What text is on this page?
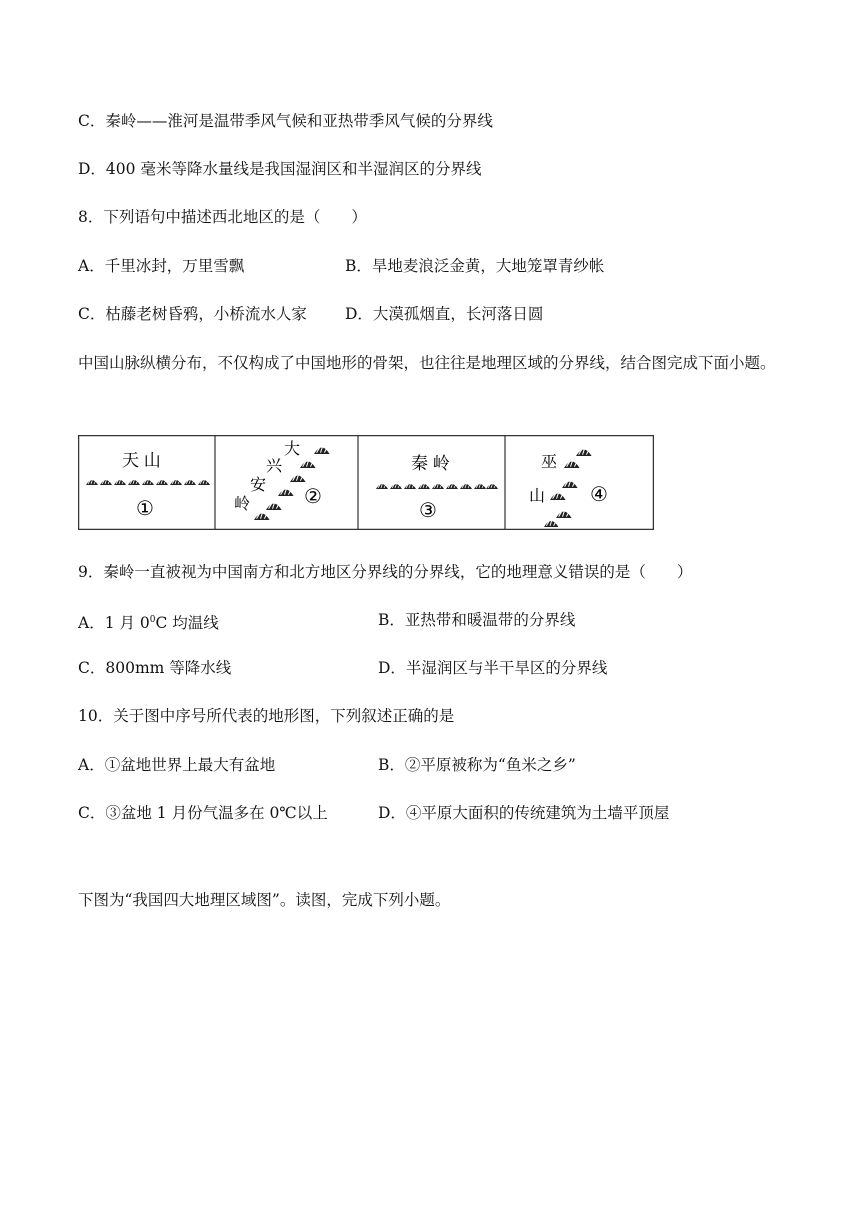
C．秦岭——淮河是温带季风气候和亚热带季风气候的分界线
D．400 毫米等降水量线是我国湿润区和半湿润区的分界线
8．下列语句中描述西北地区的是（　　）
A．千里冰封，万里雪飘	B．旱地麦浪泛金黄，大地笼罩青纱帐
C．枯藤老树昏鸦，小桥流水人家 D．大漠孤烟直，长河落日圆
中国山脉纵横分布，不仅构成了中国地形的骨架，也往往是地理区域的分界线，结合图完成下面小题。
天 山
①
大
兴
安
岭	②
秦 岭
③
巫
山 ④
9．秦岭一直被视为中国南方和北方地区分界线的分界线，它的地理意义错误的是（　　）
A．1 月 $0^0C$ 均温线	B．亚热带和暖温带的分界线
C．800mm 等降水线	D．半湿润区与半干旱区的分界线
10．关于图中序号所代表的地形图，下列叙述正确的是
A．①盆地世界上最大有盆地	B．②平原被称为“鱼米之乡”
C．③盆地 1 月份气温多在 0℃以上	D．④平原大面积的传统建筑为土墙平顶屋
下图为“我国四大地理区域图”。读图，完成下列小题。
